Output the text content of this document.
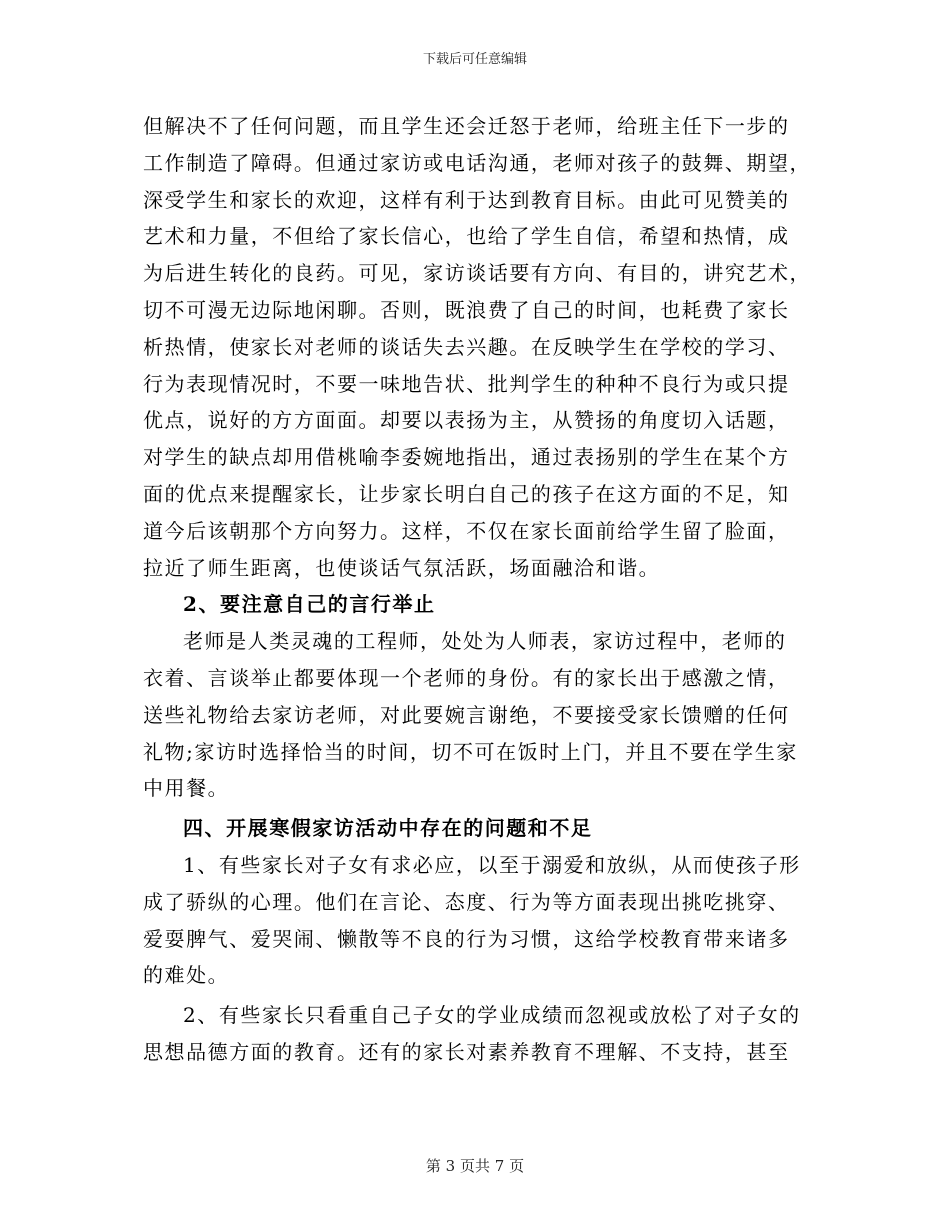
下载后可任意编辑
但解决不了任何问题，而且学生还会迁怒于老师，给班主任下一步的
工作制造了障碍。但通过家访或电话沟通，老师对孩子的鼓舞、期望，
深受学生和家长的欢迎，这样有利于达到教育目标。由此可见赞美的
艺术和力量，不但给了家长信心，也给了学生自信，希望和热情，成
为后进生转化的良药。可见，家访谈话要有方向、有目的，讲究艺术，
切不可漫无边际地闲聊。否则，既浪费了自己的时间，也耗费了家长
析热情，使家长对老师的谈话失去兴趣。在反映学生在学校的学习、
行为表现情况时，不要一味地告状、批判学生的种种不良行为或只提
优点，说好的方方面面。却要以表扬为主，从赞扬的角度切入话题，
对学生的缺点却用借桃喻李委婉地指出，通过表扬别的学生在某个方
面的优点来提醒家长，让步家长明白自己的孩子在这方面的不足，知
道今后该朝那个方向努力。这样，不仅在家长面前给学生留了脸面，
拉近了师生距离，也使谈话气氛活跃，场面融洽和谐。
2、要注意自己的言行举止
老师是人类灵魂的工程师，处处为人师表，家访过程中，老师的
衣着、言谈举止都要体现一个老师的身份。有的家长出于感激之情，
送些礼物给去家访老师，对此要婉言谢绝，不要接受家长馈赠的任何
礼物;家访时选择恰当的时间，切不可在饭时上门，并且不要在学生家
中用餐。
四、开展寒假家访活动中存在的问题和不足
1、有些家长对子女有求必应，以至于溺爱和放纵，从而使孩子形
成了骄纵的心理。他们在言论、态度、行为等方面表现出挑吃挑穿、
爱耍脾气、爱哭闹、懒散等不良的行为习惯，这给学校教育带来诸多
的难处。
2、有些家长只看重自己子女的学业成绩而忽视或放松了对子女的
思想品德方面的教育。还有的家长对素养教育不理解、不支持，甚至
第 3 页共 7 页
